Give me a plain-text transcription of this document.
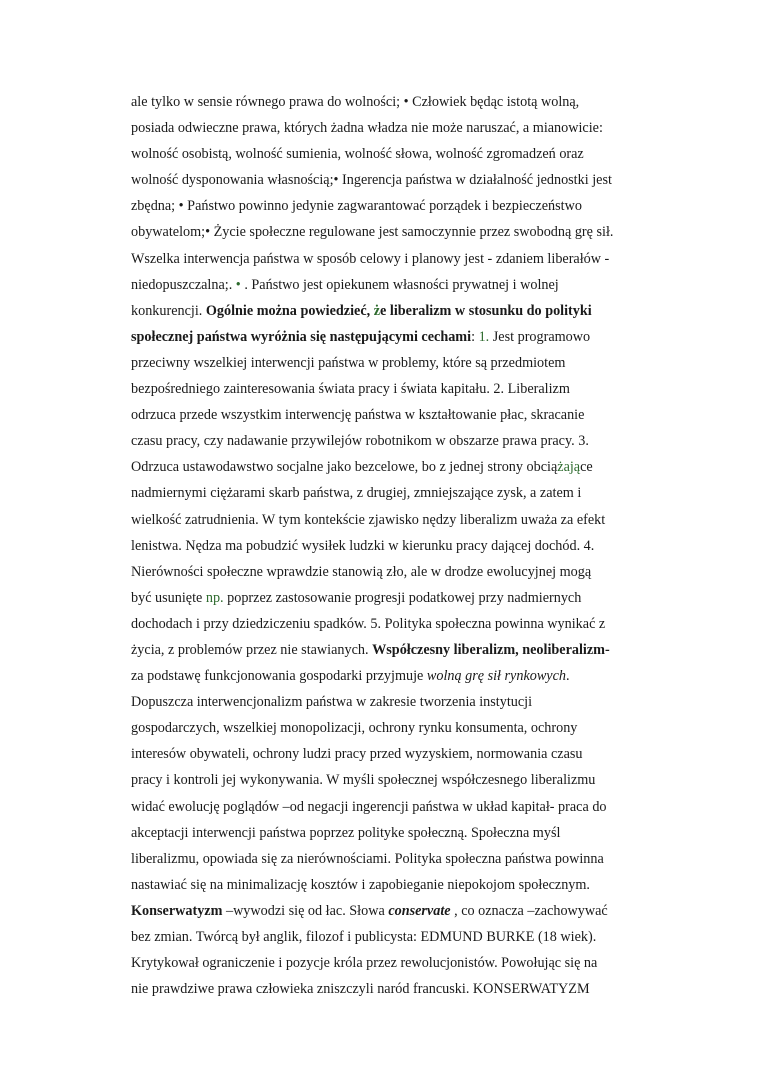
ale tylko w sensie równego prawa do wolności; • Człowiek będąc istotą wolną,
posiada odwieczne prawa, których żadna władza nie może naruszać, a mianowicie:
wolność osobistą, wolność sumienia, wolność słowa, wolność zgromadzeń oraz
wolność dysponowania własnością;• Ingerencja państwa w działalność jednostki jest
zbędna; • Państwo powinno jedynie zagwarantować porządek i bezpieczeństwo
obywatelom;• Życie społeczne regulowane jest samoczynnie przez swobodną grę sił.
Wszelka interwencja państwa w sposób celowy i planowy jest - zdaniem liberałów -
niedopuszczalna;. • . Państwo jest opiekunem własności prywatnej i wolnej
konkurencji. Ogólnie można powiedzieć, że liberalizm w stosunku do polityki
społecznej państwa wyróżnia się następującymi cechami: 1. Jest programowo
przeciwny wszelkiej interwencji państwa w problemy, które są przedmiotem
bezpośredniego zainteresowania świata pracy i świata kapitału. 2. Liberalizm
odrzuca przede wszystkim interwencję państwa w kształtowanie płac, skracanie
czasu pracy, czy nadawanie przywilejów robotnikom w obszarze prawa pracy. 3.
Odrzuca ustawodawstwo socjalne jako bezcelowe, bo z jednej strony obciążające
nadmiernymi ciężarami skarb państwa, z drugiej, zmniejszające zysk, a zatem i
wielkość zatrudnienia. W tym kontekście zjawisko nędzy liberalizm uważa za efekt
lenistwa. Nędza ma pobudzić wysiłek ludzki w kierunku pracy dającej dochód. 4.
Nierówności społeczne wprawdzie stanowią zło, ale w drodze ewolucyjnej mogą
być usunięte np. poprzez zastosowanie progresji podatkowej przy nadmiernych
dochodach i przy dziedziczeniu spadków. 5. Polityka społeczna powinna wynikać z
życia, z problemów przez nie stawianych. Współczesny liberalizm, neoliberalizm-
za podstawę funkcjonowania gospodarki przyjmuje wolną grę sił rynkowych.
Dopuszcza interwencjonalizm państwa w zakresie tworzenia instytucji
gospodarczych, wszelkiej monopolizacji, ochrony rynku konsumenta, ochrony
interesów obywateli, ochrony ludzi pracy przed wyzyskiem, normowania czasu
pracy i kontroli jej wykonywania. W myśli społecznej współczesnego liberalizmu
widać ewolucję poglądów –od negacji ingerencji państwa w układ kapitał- praca do
akceptacji interwencji państwa poprzez polityke społeczną. Społeczna myśl
liberalizmu, opowiada się za nierównościami. Polityka społeczna państwa powinna
nastawiać się na minimalizację kosztów i zapobieganie niepokojom społecznym.
Konserwatyzm –wywodzi się od łac. Słowa conservate , co oznacza –zachowywać
bez zmian. Twórcą był anglik, filozof i publicysta: EDMUND BURKE (18 wiek).
Krytykował ograniczenie i pozycje króla przez rewolucjonistów. Powołując się na
nie prawdziwe prawa człowieka zniszczyli naród francuski. KONSERWATYZM
